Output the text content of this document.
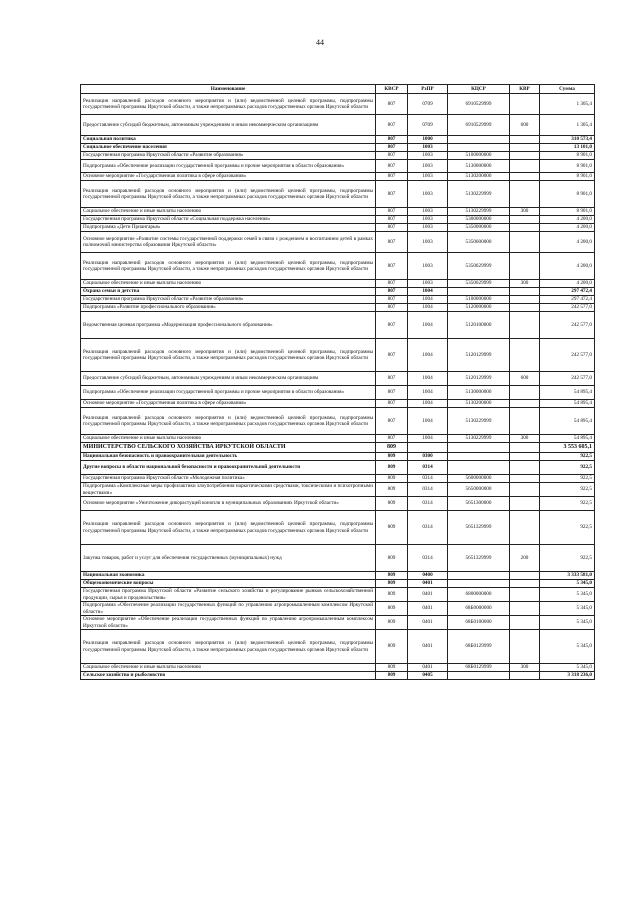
44
Наименование	КВСР	РзПР	КЦСР	КВР	Сумма
Реализация направлений расходов основного мероприятия и (или) ведомственной целевой программы, подпрограммы государственной программы Иркутской области, а также непрограммных расходов государственных органов Иркутской области	807	0709	6910529999		1 305,4
Предоставление субсидий бюджетным, автономным учреждениям и иным некоммерческим организациям	807	0709	6910529999	600	1 305,4
Социальная политика	807	1000			310 573,4
Социальное обеспечение населения	807	1003			13 101,0
Государственная программа Иркутской области «Развитие образования»	807	1003	5100000000		8 901,0
Подпрограмма «Обеспечение реализации государственной программы и прочие мероприятия в области образования»	807	1003	5130000000		8 901,0
Основное мероприятие «Государственная политика в сфере образования»	807	1003	5130200000		8 901,0
Реализация направлений расходов основного мероприятия и (или) ведомственной целевой программы, подпрограммы государственной программы Иркутской области, а также непрограммных расходов государственных органов Иркутской области	807	1003	5130229999		8 901,0
Социальное обеспечение и иные выплаты населению	807	1003	5130229999	300	8 901,0
Государственная программа Иркутской области «Социальная поддержка населения»	807	1003	5300000000		4 200,0
Подпрограмма «Дети Приангарья»	807	1003	5350000000		4 200,0
Основное мероприятие «Развитие системы государственной поддержки семей в связи с рождением и воспитанием детей в рамках полномочий министерства образования Иркутской области»	807	1003	5350600000		4 200,0
Реализация направлений расходов основного мероприятия и (или) ведомственной целевой программы, подпрограммы государственной программы Иркутской области, а также непрограммных расходов государственных органов Иркутской области	807	1003	5350629999		4 200,0
Социальное обеспечение и иные выплаты населению	807	1003	5350629999	300	4 200,0
Охрана семьи и детства	807	1004			297 472,4
Государственная программа Иркутской области «Развитие образования»	807	1004	5100000000		297 472,4
Подпрограмма «Развитие профессионального образования»	807	1004	5120000000		242 577,0
Ведомственная целевая программа «Модернизация профессионального образования»	807	1004	5120100000		242 577,0
Реализация направлений расходов основного мероприятия и (или) ведомственной целевой программы, подпрограммы государственной программы Иркутской области, а также непрограммных расходов государственных органов Иркутской области	807	1004	5120129999		242 577,0
Предоставление субсидий бюджетным, автономным учреждениям и иным некоммерческим организациям	807	1004	5120129999	600	242 577,0
Подпрограмма «Обеспечение реализации государственной программы и прочие мероприятия в области образования»	807	1004	5130000000		54 895,4
Основное мероприятие «Государственная политика в сфере образования»	807	1004	5130200000		54 895,4
Реализация направлений расходов основного мероприятия и (или) ведомственной целевой программы, подпрограммы государственной программы Иркутской области, а также непрограммных расходов государственных органов Иркутской области	807	1004	5130229999		54 895,4
Социальное обеспечение и иные выплаты населению	807	1004	5130229999	300	54 895,4
МИНИСТЕРСТВО СЕЛЬСКОГО ХОЗЯЙСТВА ИРКУТСКОЙ ОБЛАСТИ	809				3 553 605,1
Национальная безопасность и правоохранительная деятельность	809	0300			922,5
Другие вопросы в области национальной безопасности и правоохранительной деятельности	809	0314			922,5
Государственная программа Иркутской области «Молодежная политика»	809	0314	5600000000		922,5
Подпрограмма «Комплексные меры профилактики злоупотребления наркотическими средствами, токсическими и психотропными веществами»	809	0314	5650000000		922,5
Основное мероприятие «Уничтожение дикорастущей конопли в муниципальных образованиях Иркутской области»	809	0314	5651300000		922,5
Реализация направлений расходов основного мероприятия и (или) ведомственной целевой программы, подпрограммы государственной программы Иркутской области, а также непрограммных расходов государственных органов Иркутской области	809	0314	5651329999		922,5
Закупка товаров, работ и услуг для обеспечения государственных (муниципальных) нужд	809	0314	5651329999	200	922,5
Национальная экономика	809	0400			3 333 581,0
Общеэкономические вопросы	809	0401			5 345,0
Государственная программа Иркутской области «Развитие сельского хозяйства и регулирование рынков сельскохозяйственной продукции, сырья и продовольствия»	809	0401	6800000000		5 345,0
Подпрограмма «Обеспечение реализации государственных функций по управлению агропромышленным комплексом Иркутской области»	809	0401	68Б0000000		5 345,0
Основное мероприятие «Обеспечение реализации государственных функций по управлению агропромышленным комплексом Иркутской области»	809	0401	68Б0100000		5 345,0
Реализация направлений расходов основного мероприятия и (или) ведомственной целевой программы, подпрограммы государственной программы Иркутской области, а также непрограммных расходов государственных органов Иркутской области	809	0401	68Б0129999		5 345,0
Социальное обеспечение и иные выплаты населению	809	0401	68Б0129999	300	5 345,0
Сельское хозяйство и рыболовство	809	0405			3 318 236,0
